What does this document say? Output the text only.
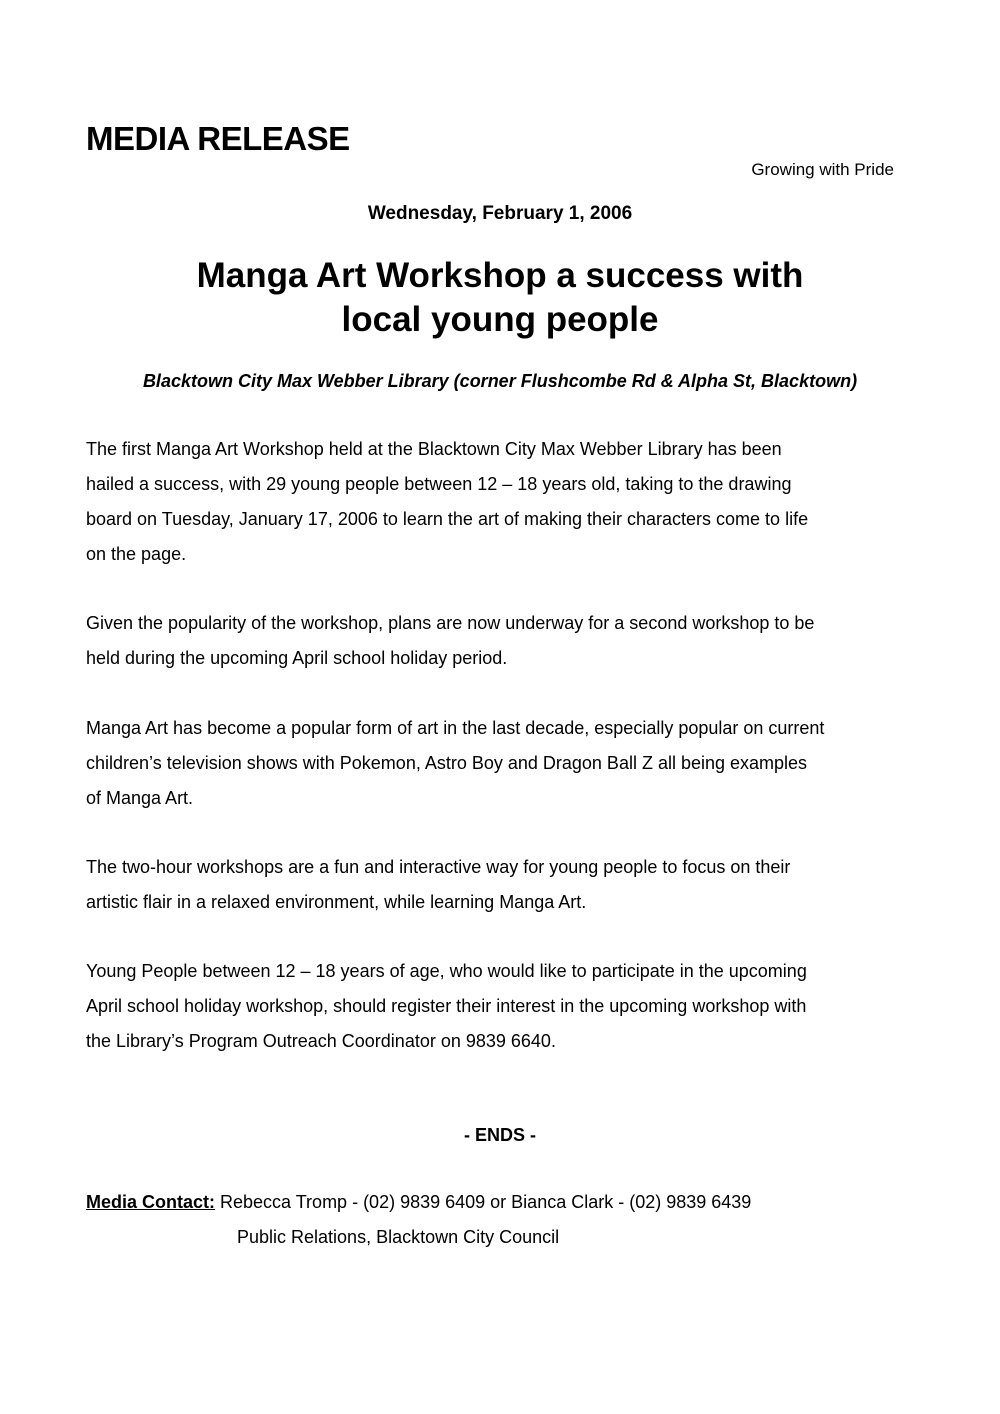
MEDIA RELEASE
Growing with Pride
Wednesday, February 1, 2006
Manga Art Workshop a success with
local young people
Blacktown City Max Webber Library (corner Flushcombe Rd & Alpha St, Blacktown)
The first Manga Art Workshop held at the Blacktown City Max Webber Library has been
hailed a success, with 29 young people between 12 – 18 years old, taking to the drawing
board on Tuesday, January 17, 2006 to learn the art of making their characters come to life
on the page.
Given the popularity of the workshop, plans are now underway for a second workshop to be
held during the upcoming April school holiday period.
Manga Art has become a popular form of art in the last decade, especially popular on current
children’s television shows with Pokemon, Astro Boy and Dragon Ball Z all being examples
of Manga Art.
The two-hour workshops are a fun and interactive way for young people to focus on their
artistic flair in a relaxed environment, while learning Manga Art.
Young People between 12 – 18 years of age, who would like to participate in the upcoming
April school holiday workshop, should register their interest in the upcoming workshop with
the Library’s Program Outreach Coordinator on 9839 6640.
- ENDS -
Media Contact: Rebecca Tromp - (02) 9839 6409 or Bianca Clark - (02) 9839 6439
Public Relations, Blacktown City Council
